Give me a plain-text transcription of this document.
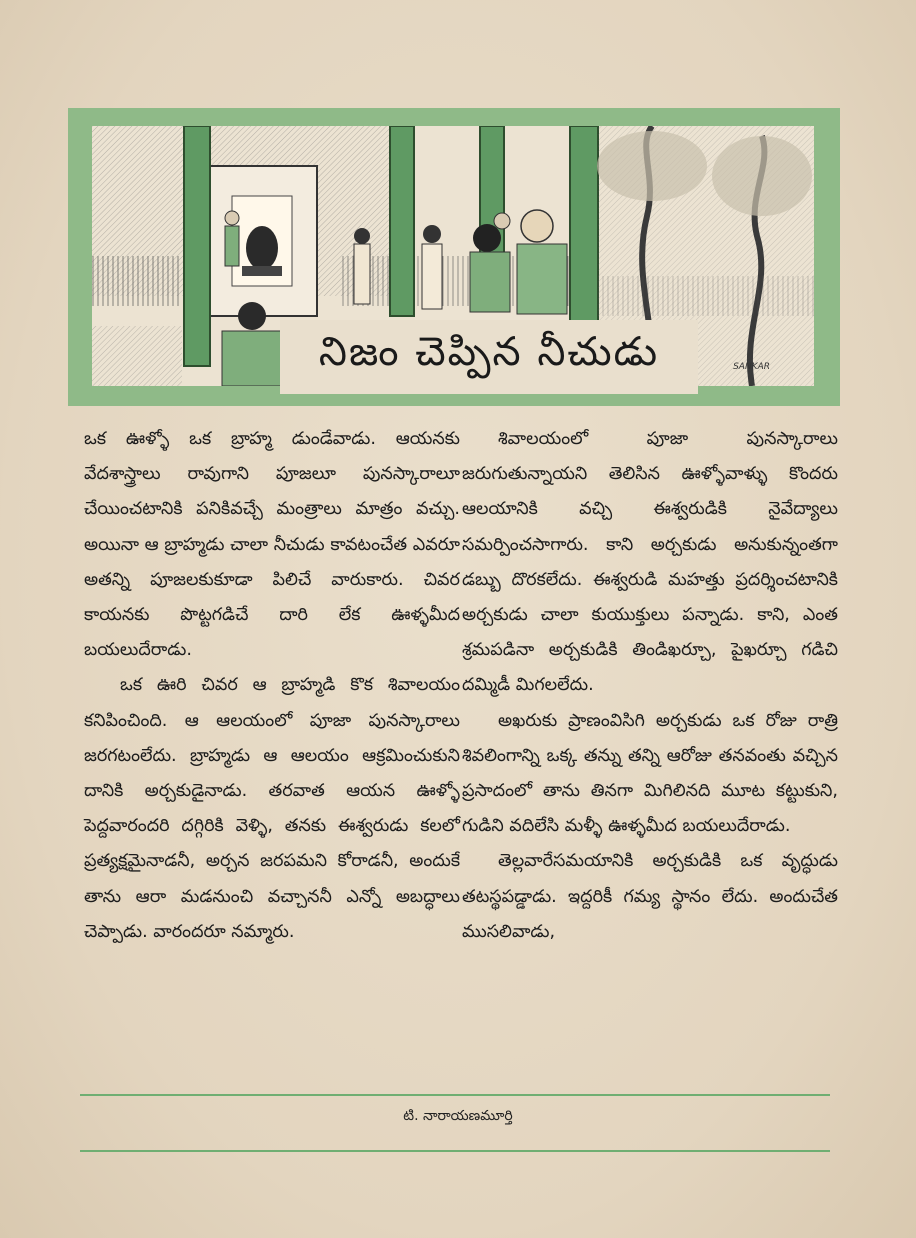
నిజం చెప్పిన నీచుడు	SANKAR

ఒక ఊళ్ళో ఒక బ్రాహ్మ డుండేవాడు. ఆయనకు వేదశాస్త్రాలు రావుగాని పూజలూ పునస్కారాలూ చేయించటానికి పనికివచ్చే మంత్రాలు మాత్రం వచ్చు. అయినా ఆ బ్రాహ్మడు చాలా నీచుడు కావటంచేత ఎవరూ అతన్ని పూజలకుకూడా పిలిచే వారుకారు. చివర కాయనకు పొట్టగడిచే దారి లేక ఊళ్ళమీద బయలుదేరాడు.

ఒక ఊరి చివర ఆ బ్రాహ్మడి కొక శివాలయం కనిపించింది. ఆ ఆలయంలో పూజా పునస్కారాలు జరగటంలేదు. బ్రాహ్మడు ఆ ఆలయం ఆక్రమించుకుని దానికి అర్చకుడైనాడు. తరవాత ఆయన ఊళ్ళో పెద్దవారందరి దగ్గిరికి వెళ్ళి, తనకు ఈశ్వరుడు కలలో ప్రత్యక్షమైనాడనీ, అర్చన జరపమని కోరాడనీ, అందుకే తాను ఆరా మడనుంచి వచ్చాననీ ఎన్నో అబద్ధాలు చెప్పాడు. వారందరూ నమ్మారు.

శివాలయంలో పూజా పునస్కారాలు జరుగుతున్నాయని తెలిసిన ఊళ్ళోవాళ్ళు కొందరు ఆలయానికి వచ్చి ఈశ్వరుడికి నైవేద్యాలు సమర్పించసాగారు. కాని అర్చకుడు అనుకున్నంతగా డబ్బు దొరకలేదు. ఈశ్వరుడి మహత్తు ప్రదర్శించటానికి అర్చకుడు చాలా కుయుక్తులు పన్నాడు. కాని, ఎంత శ్రమపడినా అర్చకుడికి తిండిఖర్చూ, పైఖర్చూ గడిచి దమ్మిడీ మిగలలేదు.

అఖరుకు ప్రాణంవిసిగి అర్చకుడు ఒక రోజు రాత్రి శివలింగాన్ని ఒక్క తన్ను తన్ని ఆరోజు తనవంతు వచ్చిన ప్రసాదంలో తాను తినగా మిగిలినది మూట కట్టుకుని, గుడిని వదిలేసి మళ్ళీ ఊళ్ళమీద బయలుదేరాడు.

తెల్లవారేసమయానికి అర్చకుడికి ఒక వృద్ధుడు తటస్థపడ్డాడు. ఇద్దరికీ గమ్య స్థానం లేదు. అందుచేత ముసలివాడు,

టి. నారాయణమూర్తి
